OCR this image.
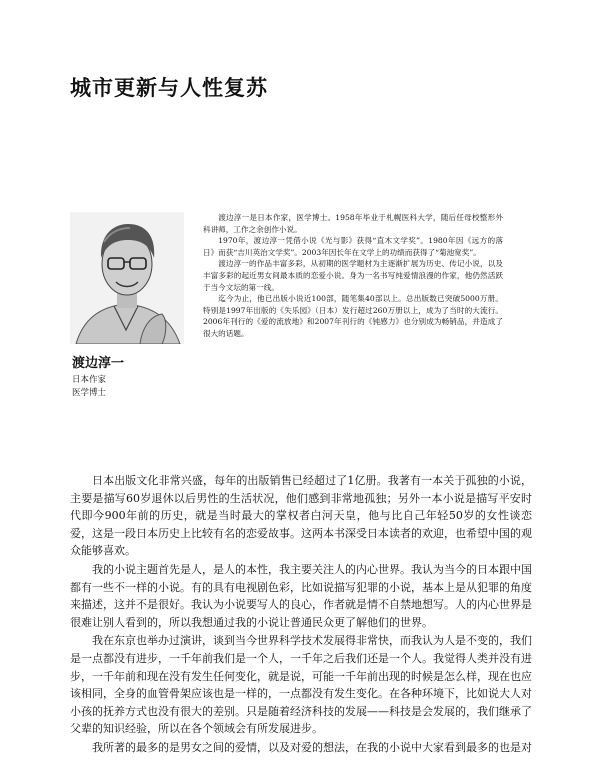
城市更新与人性复苏
渡边淳一
日本作家
医学博士

渡边淳一是日本作家，医学博士。1958年毕业于札幌医科大学，随后任母校整形外科讲师，工作之余创作小说。

1970年，渡边淳一凭借小说《光与影》获得“直木文学奖”。1980年因《远方的落日》而获“吉川英治文学奖”。2003年因长年在文学上的功绩而获得了“菊池宽奖”。

渡边淳一的作品丰富多彩，从初期的医学题材为主逐渐扩展为历史、传记小说，以及丰富多彩的起近男女间最本质的恋爱小说。身为一名书写纯爱情浪漫的作家，他仍然活跃于当今文坛的第一线。

迄今为止，他已出版小说近100部，随笔集40部以上。总出版数已突破5000万册。特别是1997年出版的《失乐园》（日本）发行超过260万册以上，成为了当时的大流行。2006年刊行的《爱的流放地》和2007年刊行的《钝感力》也分别成为畅销品，并造成了很大的话题。

日本出版文化非常兴盛，每年的出版销售已经超过了1亿册。我著有一本关于孤独的小说，主要是描写60岁退休以后男性的生活状况，他们感到非常地孤独；另外一本小说是描写平安时代即今900年前的历史，就是当时最大的掌权者白河天皇，他与比自己年轻50岁的女性谈恋爱，这是一段日本历史上比较有名的恋爱故事。这两本书深受日本读者的欢迎，也希望中国的观众能够喜欢。

我的小说主题首先是人，是人的本性，我主要关注人的内心世界。我认为当今的日本跟中国都有一些不一样的小说。有的具有电视剧色彩，比如说描写犯罪的小说，基本上是从犯罪的角度来描述，这并不是很好。我认为小说要写人的良心，作者就是情不自禁地想写。人的内心世界是很难让别人看到的，所以我想通过我的小说让普通民众更了解他们的世界。

我在东京也举办过演讲，谈到当今世界科学技术发展得非常快，而我认为人是不变的，我们是一点都没有进步，一千年前我们是一个人，一千年之后我们还是一个人。我觉得人类并没有进步，一千年前和现在没有发生任何变化，就是说，可能一千年前出现的时候是怎么样，现在也应该相同，全身的血管骨架应该也是一样的，一点都没有发生变化。在各种环境下，比如说大人对小孩的抚养方式也没有很大的差别。只是随着经济科技的发展——科技是会发展的，我们继承了父辈的知识经验，所以在各个领域会有所发展进步。

我所著的最多的是男女之间的爱情，以及对爱的想法，在我的小说中大家看到最多的也是对
